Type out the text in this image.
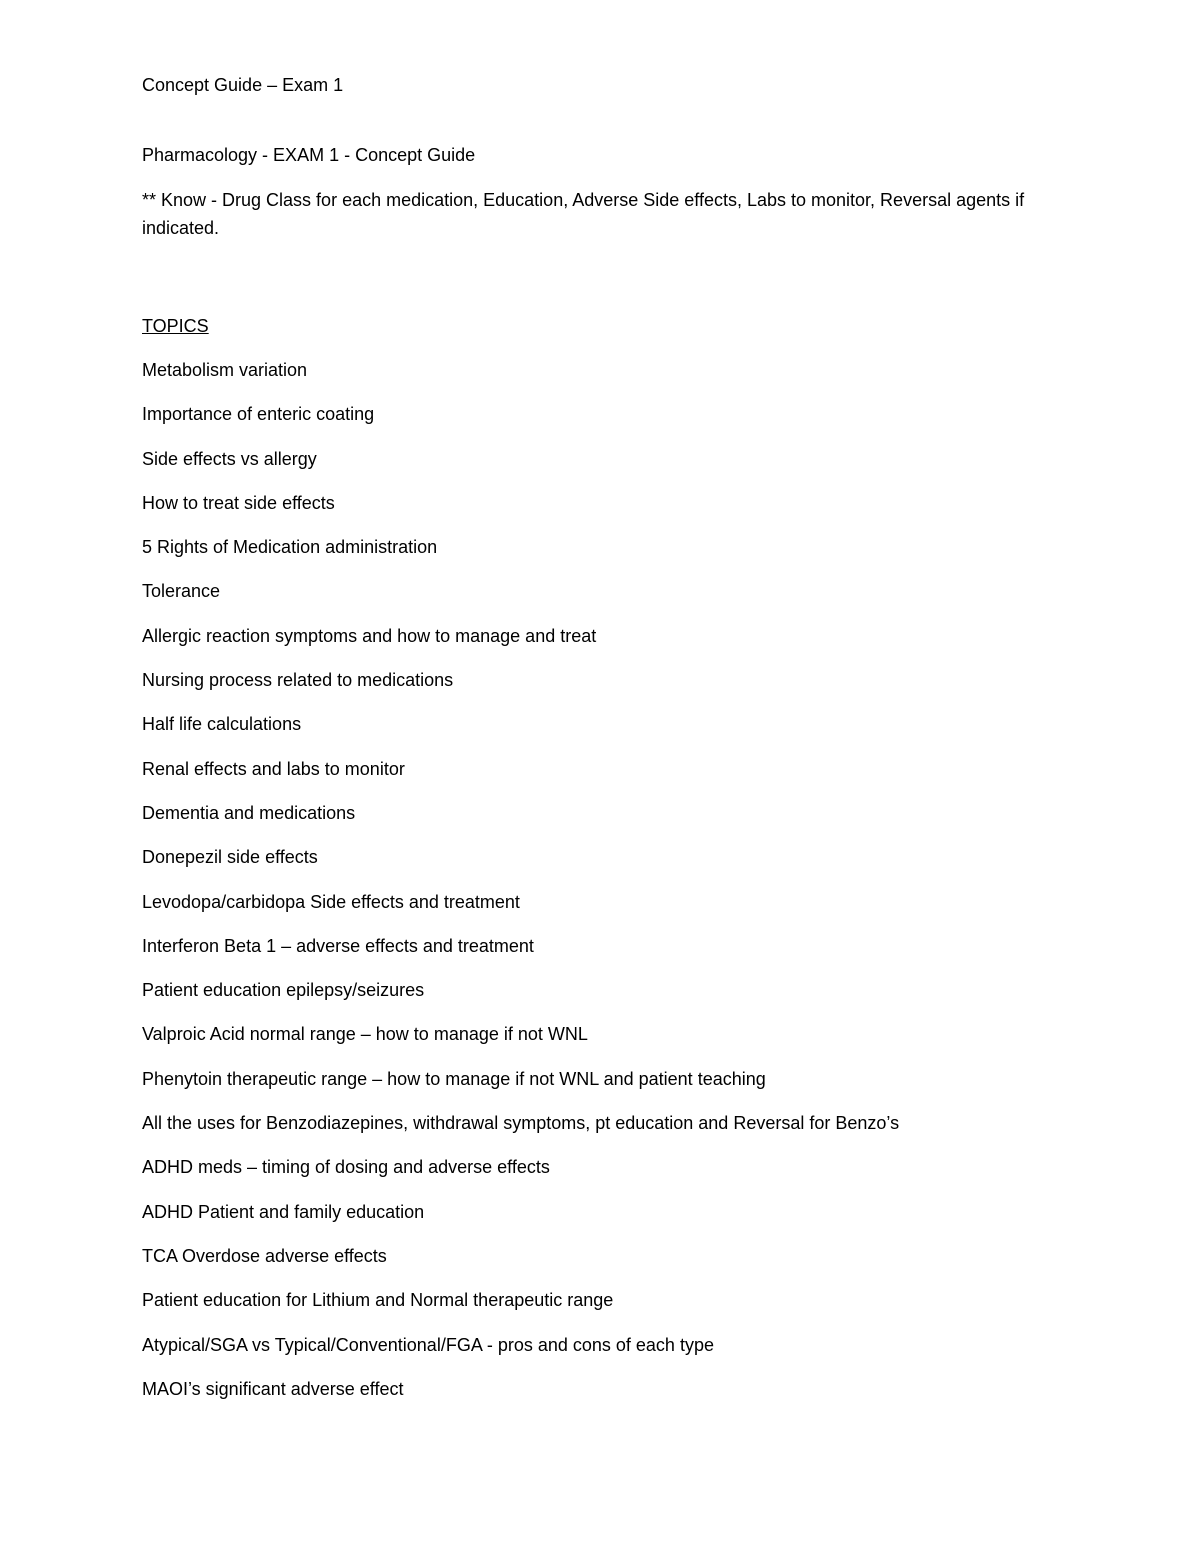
Concept Guide – Exam 1

Pharmacology - EXAM 1 - Concept Guide

** Know - Drug Class for each medication, Education, Adverse Side effects, Labs to monitor, Reversal agents if indicated.

TOPICS

Metabolism variation
Importance of enteric coating
Side effects vs allergy
How to treat side effects
5 Rights of Medication administration
Tolerance
Allergic reaction symptoms and how to manage and treat
Nursing process related to medications
Half life calculations
Renal effects and labs to monitor
Dementia and medications
Donepezil side effects
Levodopa/carbidopa Side effects and treatment
Interferon Beta 1 – adverse effects and treatment
Patient education epilepsy/seizures
Valproic Acid normal range – how to manage if not WNL
Phenytoin therapeutic range – how to manage if not WNL and patient teaching
All the uses for Benzodiazepines, withdrawal symptoms, pt education and Reversal for Benzo’s
ADHD meds – timing of dosing and adverse effects
ADHD Patient and family education
TCA Overdose adverse effects
Patient education for Lithium and Normal therapeutic range
Atypical/SGA vs Typical/Conventional/FGA - pros and cons of each type
MAOI’s significant adverse effect
